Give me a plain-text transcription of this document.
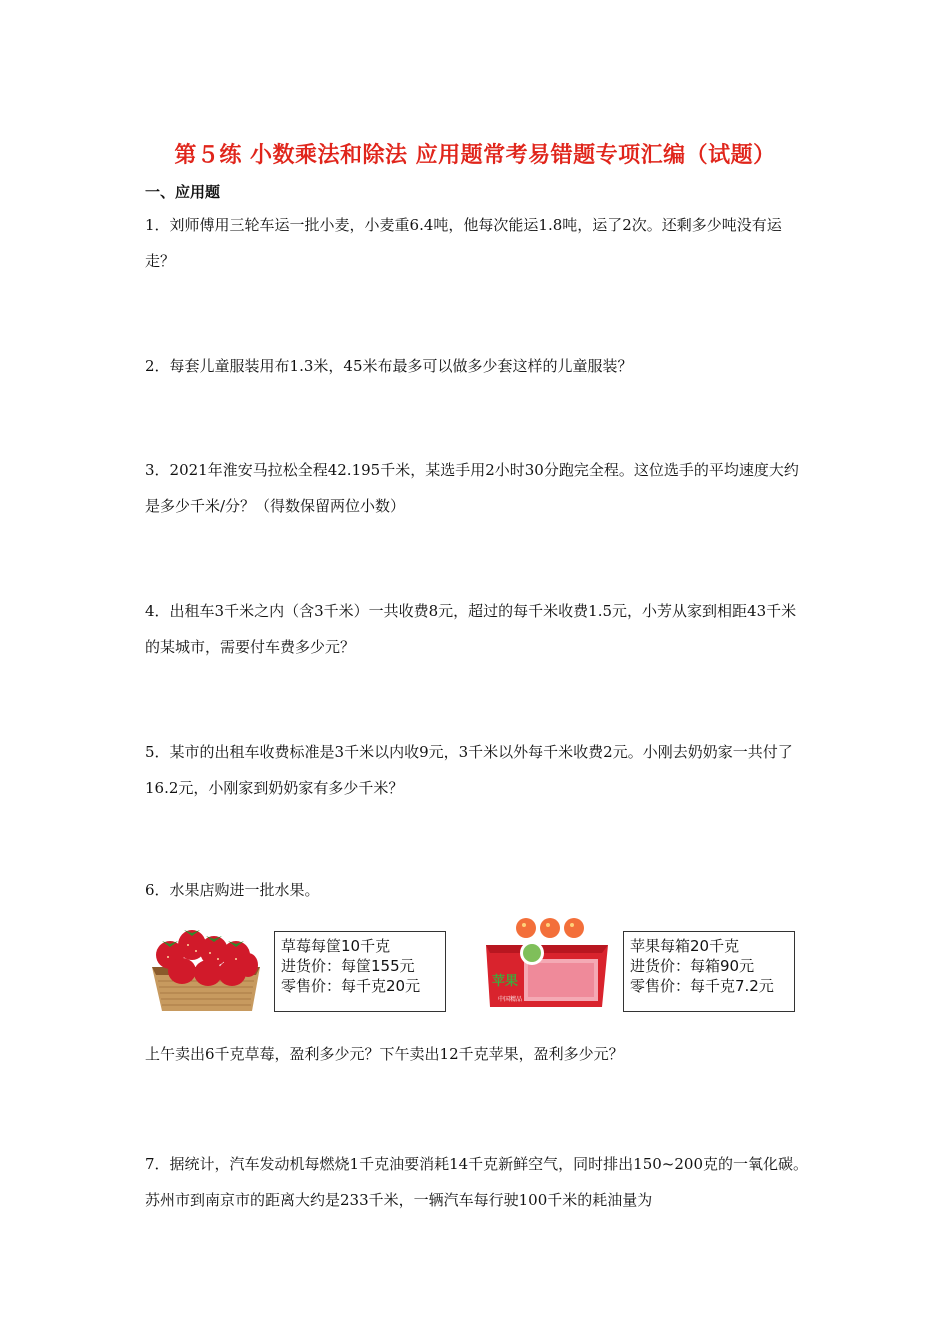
第５练 小数乘法和除法 应用题常考易错题专项汇编（试题）
一、应用题
1．刘师傅用三轮车运一批小麦，小麦重6.4吨，他每次能运1.8吨，运了2次。还剩多少吨没有运走？
2．每套儿童服装用布1.3米，45米布最多可以做多少套这样的儿童服装？
3．2021年淮安马拉松全程42.195千米，某选手用2小时30分跑完全程。这位选手的平均速度大约是多少千米/分？（得数保留两位小数）
4．出租车3千米之内（含3千米）一共收费8元，超过的每千米收费1.5元，小芳从家到相距43千米的某城市，需要付车费多少元？
5．某市的出租车收费标准是3千米以内收9元，3千米以外每千米收费2元。小刚去奶奶家一共付了16.2元，小刚家到奶奶家有多少千米？
6．水果店购进一批水果。
草莓每筐10千克
进货价：每筐155元
零售价：每千克20元	苹果
中国精品
苹果每箱20千克
进货价：每箱90元
零售价：每千克7.2元
上午卖出6千克草莓，盈利多少元？下午卖出12千克苹果，盈利多少元？
7．据统计，汽车发动机每燃烧1千克油要消耗14千克新鲜空气，同时排出150~200克的一氧化碳。苏州市到南京市的距离大约是233千米，一辆汽车每行驶100千米的耗油量为
